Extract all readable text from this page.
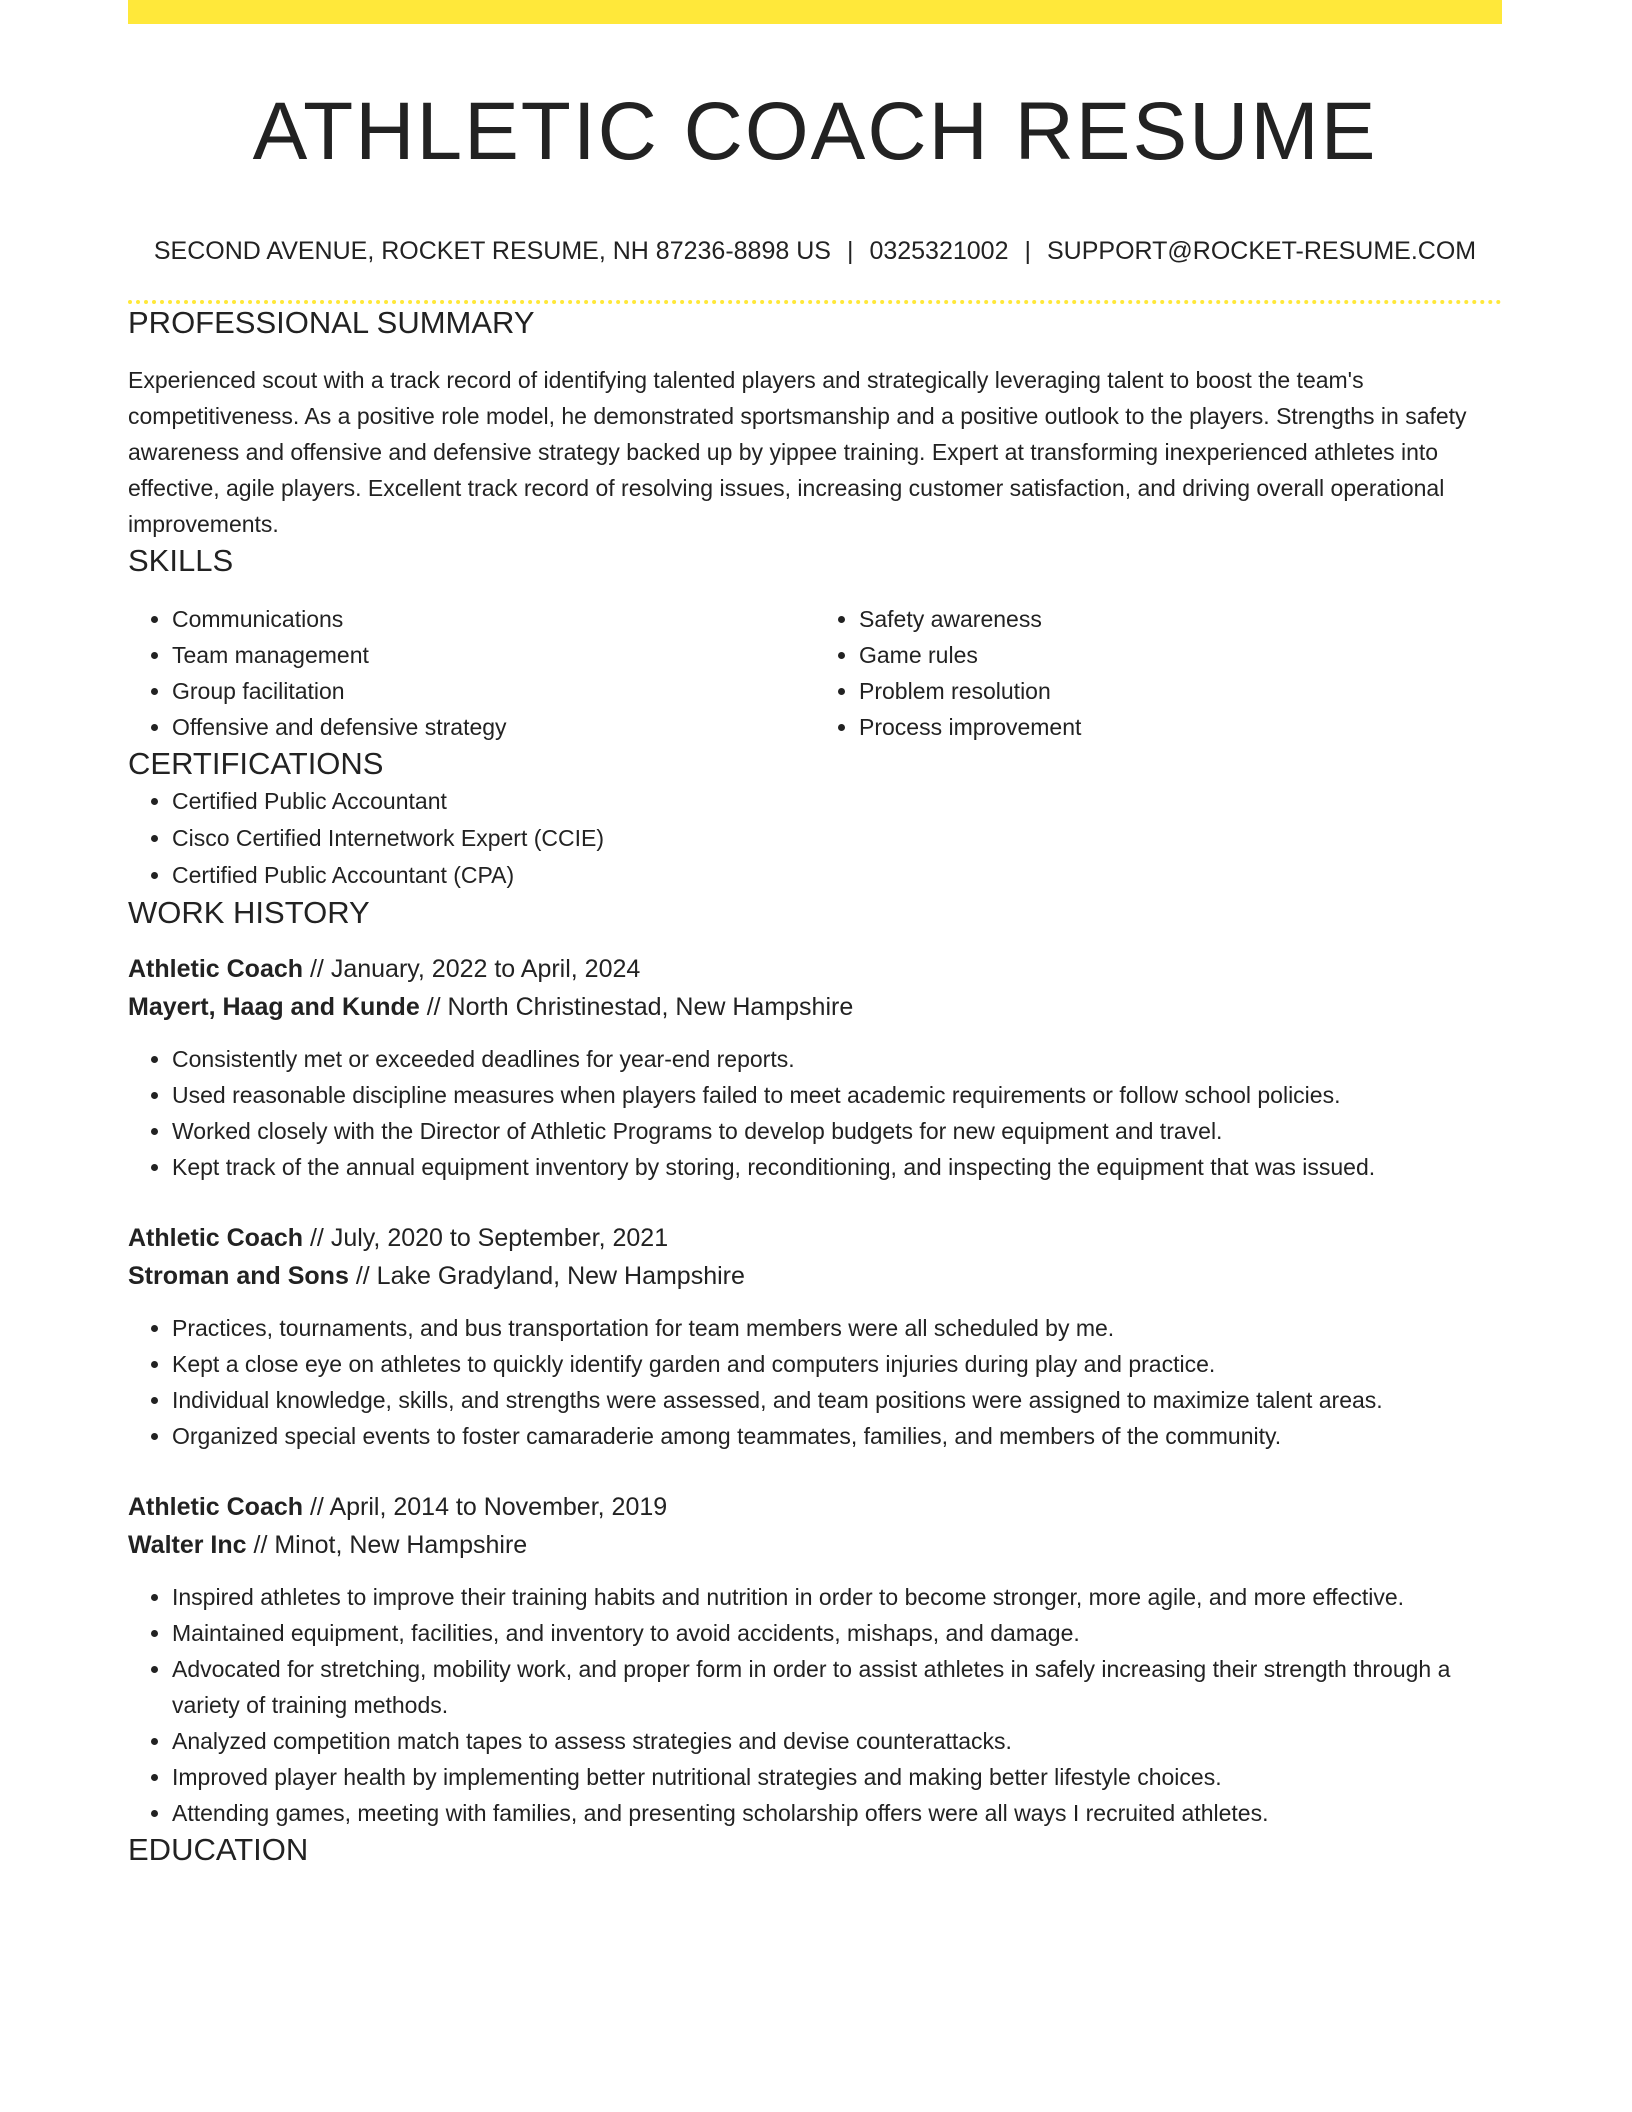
ATHLETIC COACH RESUME
SECOND AVENUE, ROCKET RESUME, NH 87236-8898 US | 0325321002 | SUPPORT@ROCKET-RESUME.COM
PROFESSIONAL SUMMARY

Experienced scout with a track record of identifying talented players and strategically leveraging talent to boost the team's competitiveness. As a positive role model, he demonstrated sportsmanship and a positive outlook to the players. Strengths in safety awareness and offensive and defensive strategy backed up by yippee training. Expert at transforming inexperienced athletes into effective, agile players. Excellent track record of resolving issues, increasing customer satisfaction, and driving overall operational improvements.

SKILLS
• Communications
• Team management
• Group facilitation
• Offensive and defensive strategy
• Safety awareness
• Game rules
• Problem resolution
• Process improvement
CERTIFICATIONS
• Certified Public Accountant
• Cisco Certified Internetwork Expert (CCIE)
• Certified Public Accountant (CPA)
WORK HISTORY
Athletic Coach // January, 2022 to April, 2024
Mayert, Haag and Kunde // North Christinestad, New Hampshire
• Consistently met or exceeded deadlines for year-end reports.
• Used reasonable discipline measures when players failed to meet academic requirements or follow school policies.
• Worked closely with the Director of Athletic Programs to develop budgets for new equipment and travel.
• Kept track of the annual equipment inventory by storing, reconditioning, and inspecting the equipment that was issued.
Athletic Coach // July, 2020 to September, 2021
Stroman and Sons // Lake Gradyland, New Hampshire
• Practices, tournaments, and bus transportation for team members were all scheduled by me.
• Kept a close eye on athletes to quickly identify garden and computers injuries during play and practice.
• Individual knowledge, skills, and strengths were assessed, and team positions were assigned to maximize talent areas.
• Organized special events to foster camaraderie among teammates, families, and members of the community.
Athletic Coach // April, 2014 to November, 2019
Walter Inc // Minot, New Hampshire
• Inspired athletes to improve their training habits and nutrition in order to become stronger, more agile, and more effective.
• Maintained equipment, facilities, and inventory to avoid accidents, mishaps, and damage.
• Advocated for stretching, mobility work, and proper form in order to assist athletes in safely increasing their strength through a variety of training methods.
• Analyzed competition match tapes to assess strategies and devise counterattacks.
• Improved player health by implementing better nutritional strategies and making better lifestyle choices.
• Attending games, meeting with families, and presenting scholarship offers were all ways I recruited athletes.
EDUCATION
